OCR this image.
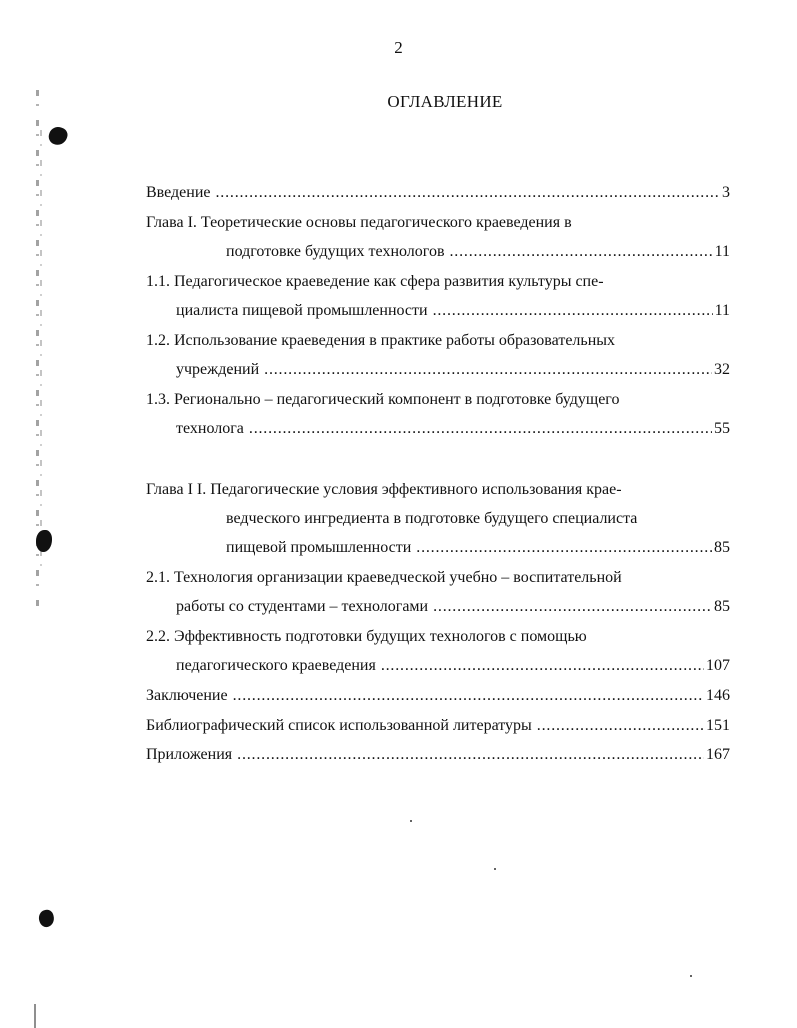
2
ОГЛАВЛЕНИЕ
Введение . . .	3
Глава I. Теоретические основы педагогического краеведения в
подготовке будущих технологов . . .	11
1.1. Педагогическое краеведение как сфера развития культуры спе-
циалиста пищевой промышленности . . .	11
1.2. Использование краеведения в практике работы образовательных
учреждений . . .	32
1.3. Регионально – педагогический компонент в подготовке будущего
технолога . . .	55
Глава I I. Педагогические условия эффективного использования крае-
ведческого ингредиента в подготовке будущего специалиста
пищевой промышленности . . .	85
2.1. Технология организации краеведческой учебно – воспитательной
работы со студентами – технологами . . .	85
2.2. Эффективность подготовки будущих технологов с помощью
педагогического краеведения . . .	107
Заключение . . .	146
Библиографический список использованной литературы . . .	151
Приложения . . .	167
